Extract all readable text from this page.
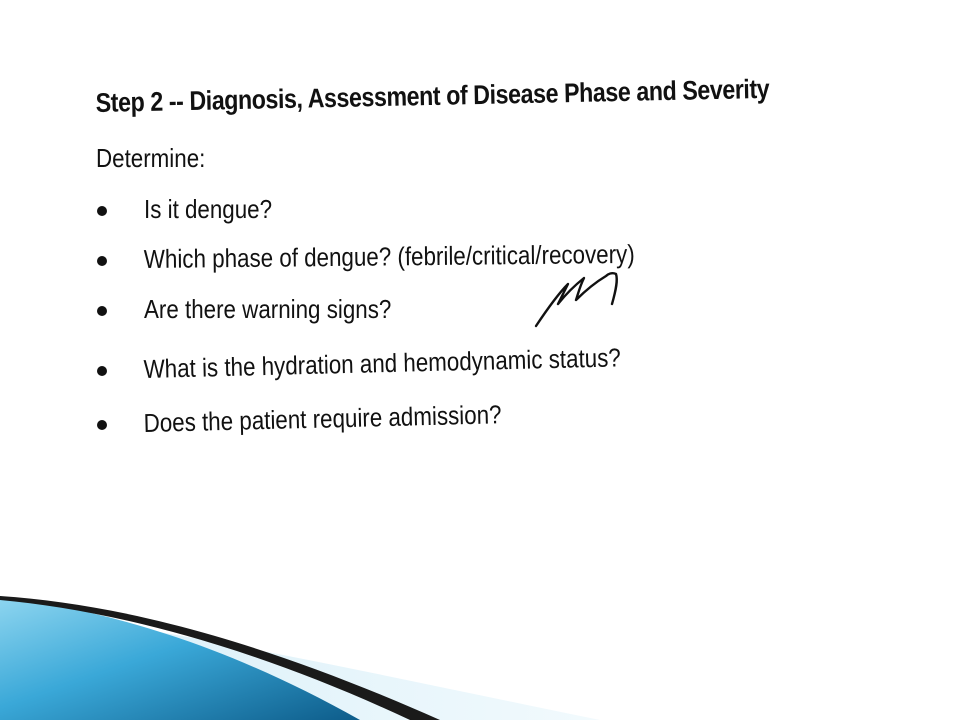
Step 2 -- Diagnosis, Assessment of Disease Phase and Severity
Determine:
Is it dengue?
Which phase of dengue? (febrile/critical/recovery)
Are there warning signs?
What is the hydration and hemodynamic status?
Does the patient require admission?
